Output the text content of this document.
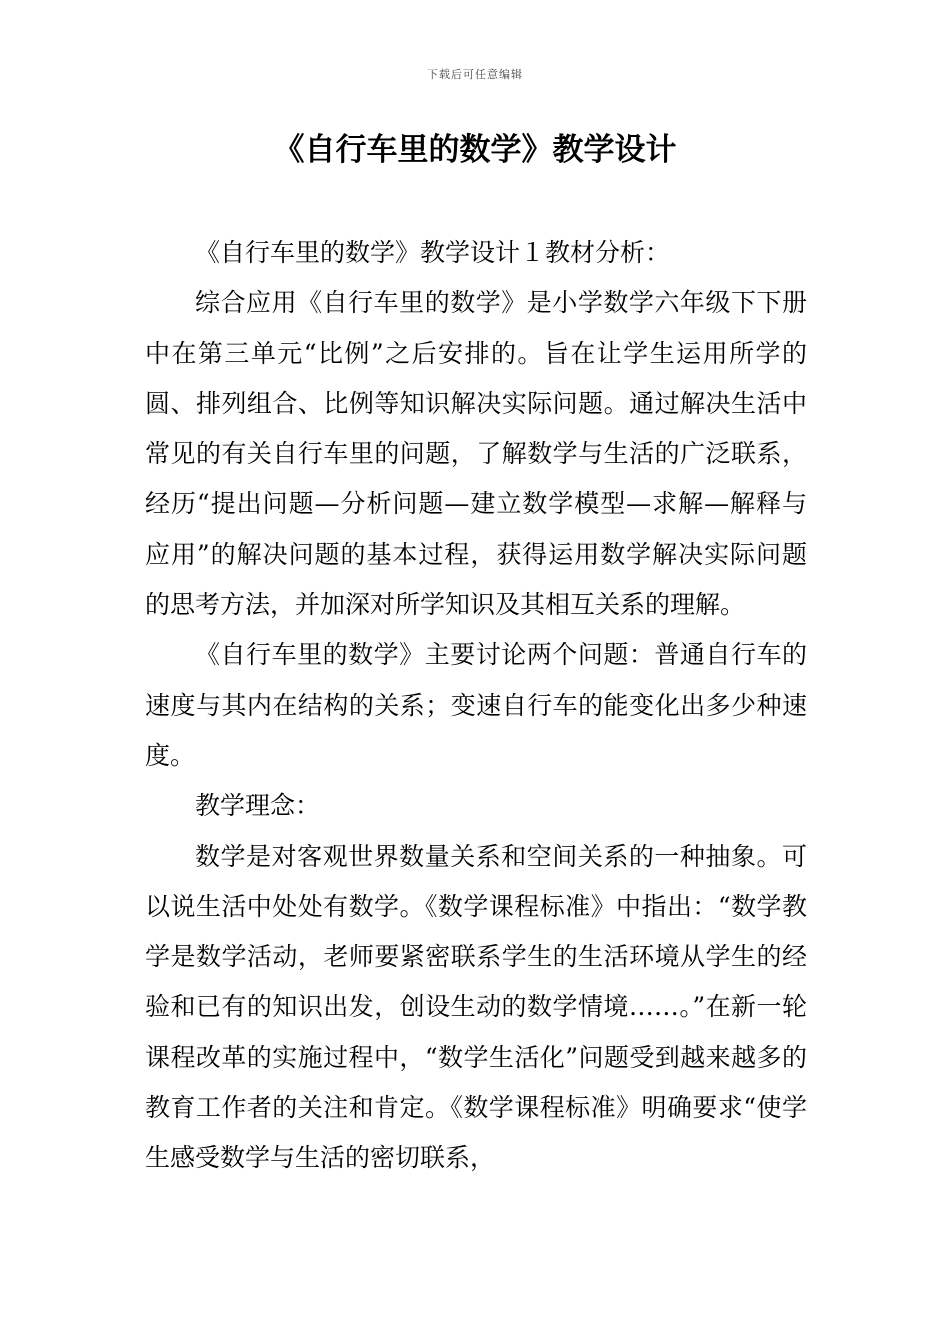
下载后可任意编辑
《自行车里的数学》教学设计

《自行车里的数学》教学设计１教材分析：

综合应用《自行车里的数学》是小学数学六年级下下册中在第三单元“比例”之后安排的。旨在让学生运用所学的圆、排列组合、比例等知识解决实际问题。通过解决生活中常见的有关自行车里的问题，了解数学与生活的广泛联系，经历“提出问题—分析问题—建立数学模型—求解—解释与应用”的解决问题的基本过程，获得运用数学解决实际问题的思考方法，并加深对所学知识及其相互关系的理解。

《自行车里的数学》主要讨论两个问题：普通自行车的速度与其内在结构的关系；变速自行车的能变化出多少种速度。

教学理念：

数学是对客观世界数量关系和空间关系的一种抽象。可以说生活中处处有数学。《数学课程标准》中指出：“数学教学是数学活动，老师要紧密联系学生的生活环境从学生的经验和已有的知识出发，创设生动的数学情境……。”在新一轮课程改革的实施过程中，“数学生活化”问题受到越来越多的教育工作者的关注和肯定。《数学课程标准》明确要求“使学生感受数学与生活的密切联系，
